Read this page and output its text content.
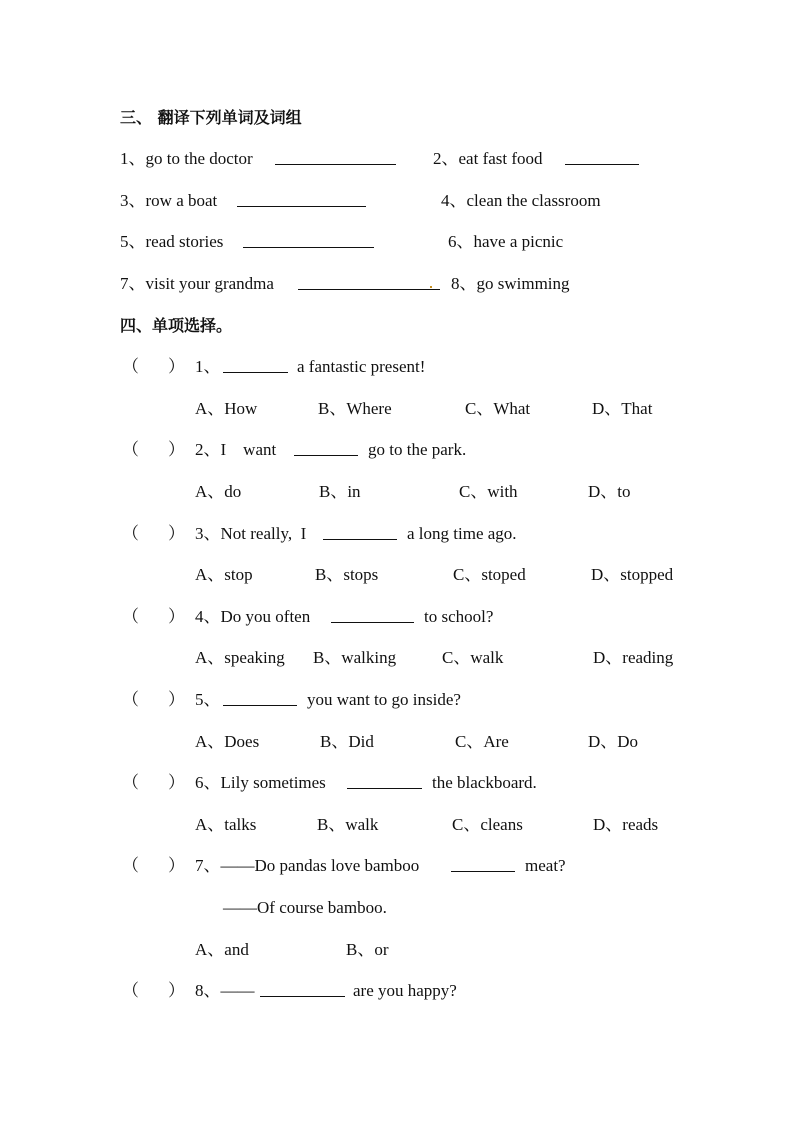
三、 翻译下列单词及词组

1、go to the doctor

	2、eat fast food

3、row a boat

	4、clean the classroom

5、read stories

	6、have a picnic

7、visit your grandma

	8、go swimming

四、单项选择。

（

）

1、

	a fantastic present!

A、How

	B、Where

	C、What

	D、That

（

）

2、I    want

	go to the park.

A、do

	B、in

	C、with

	D、to

（

）

3、Not really,  I

	a long time ago.

A、stop

	B、stops

	C、stoped

	D、stopped

（

）

4、Do you often

	to school?

A、speaking

B、walking

	C、walk

	D、reading

（

）

5、

	you want to go inside?

A、Does

	B、Did

	C、Are

	D、Do

（

）

6、Lily sometimes

	the blackboard.

A、talks

	B、walk

	C、cleans

	D、reads

（

）

7、——Do pandas love bamboo

	meat?

——Of course bamboo.

A、and

	B、or

（

）

8、——

	are you happy?
